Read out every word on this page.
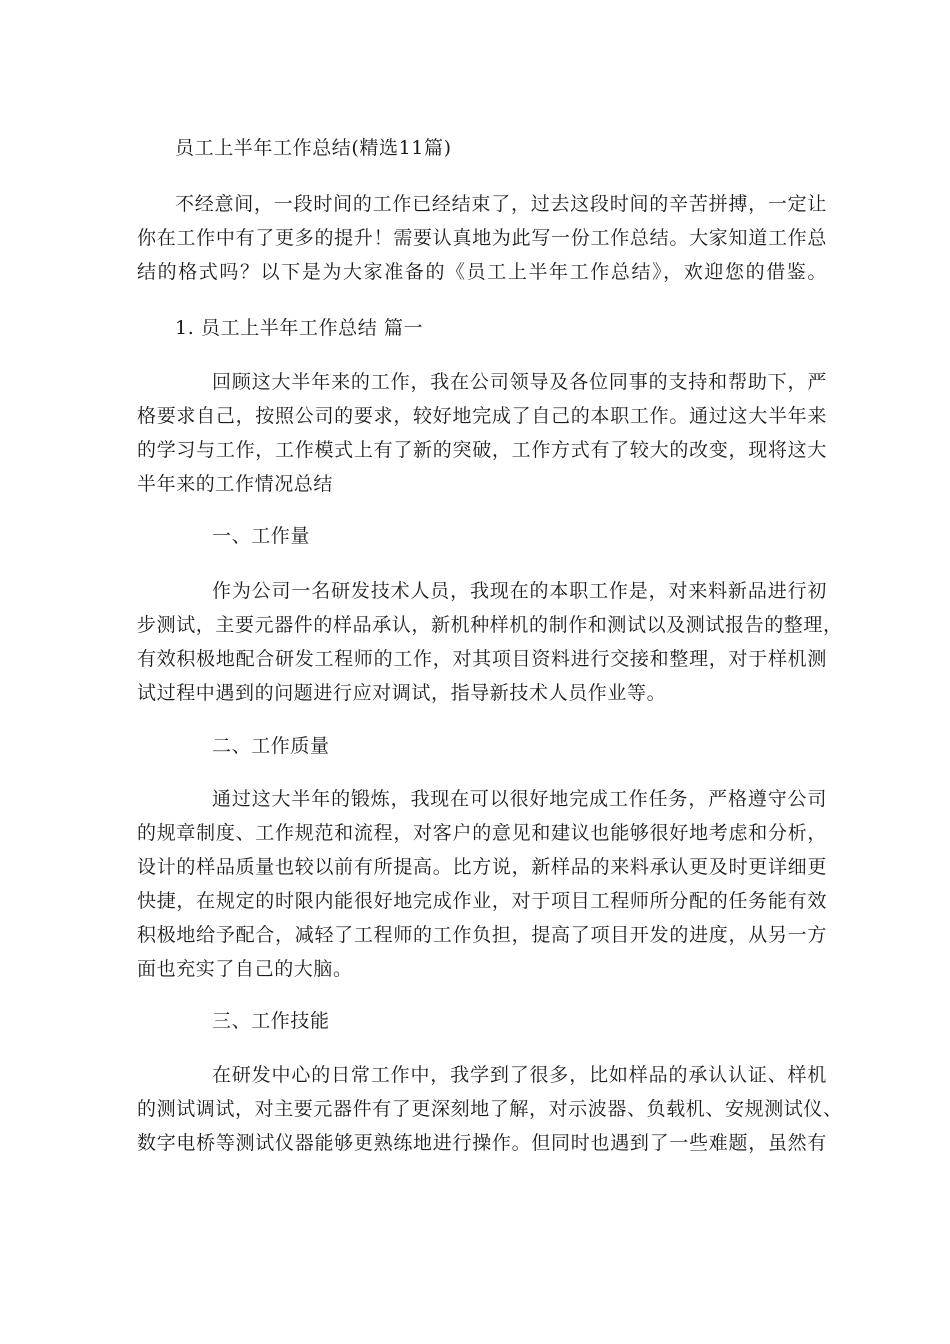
员工上半年工作总结(精选11篇)
不经意间，一段时间的工作已经结束了，过去这段时间的辛苦拼搏，一定让
你在工作中有了更多的提升！需要认真地为此写一份工作总结。大家知道工作总
结的格式吗？以下是为大家准备的《员工上半年工作总结》，欢迎您的借鉴。
1. 员工上半年工作总结 篇一
回顾这大半年来的工作，我在公司领导及各位同事的支持和帮助下，严
格要求自己，按照公司的要求，较好地完成了自己的本职工作。通过这大半年来
的学习与工作，工作模式上有了新的突破，工作方式有了较大的改变，现将这大
半年来的工作情况总结
一、工作量
作为公司一名研发技术人员，我现在的本职工作是，对来料新品进行初
步测试，主要元器件的样品承认，新机种样机的制作和测试以及测试报告的整理，
有效积极地配合研发工程师的工作，对其项目资料进行交接和整理，对于样机测
试过程中遇到的问题进行应对调试，指导新技术人员作业等。
二、工作质量
通过这大半年的锻炼，我现在可以很好地完成工作任务，严格遵守公司
的规章制度、工作规范和流程，对客户的意见和建议也能够很好地考虑和分析，
设计的样品质量也较以前有所提高。比方说，新样品的来料承认更及时更详细更
快捷，在规定的时限内能很好地完成作业，对于项目工程师所分配的任务能有效
积极地给予配合，减轻了工程师的工作负担，提高了项目开发的进度，从另一方
面也充实了自己的大脑。
三、工作技能
在研发中心的日常工作中，我学到了很多，比如样品的承认认证、样机
的测试调试，对主要元器件有了更深刻地了解，对示波器、负载机、安规测试仪、
数字电桥等测试仪器能够更熟练地进行操作。但同时也遇到了一些难题，虽然有
